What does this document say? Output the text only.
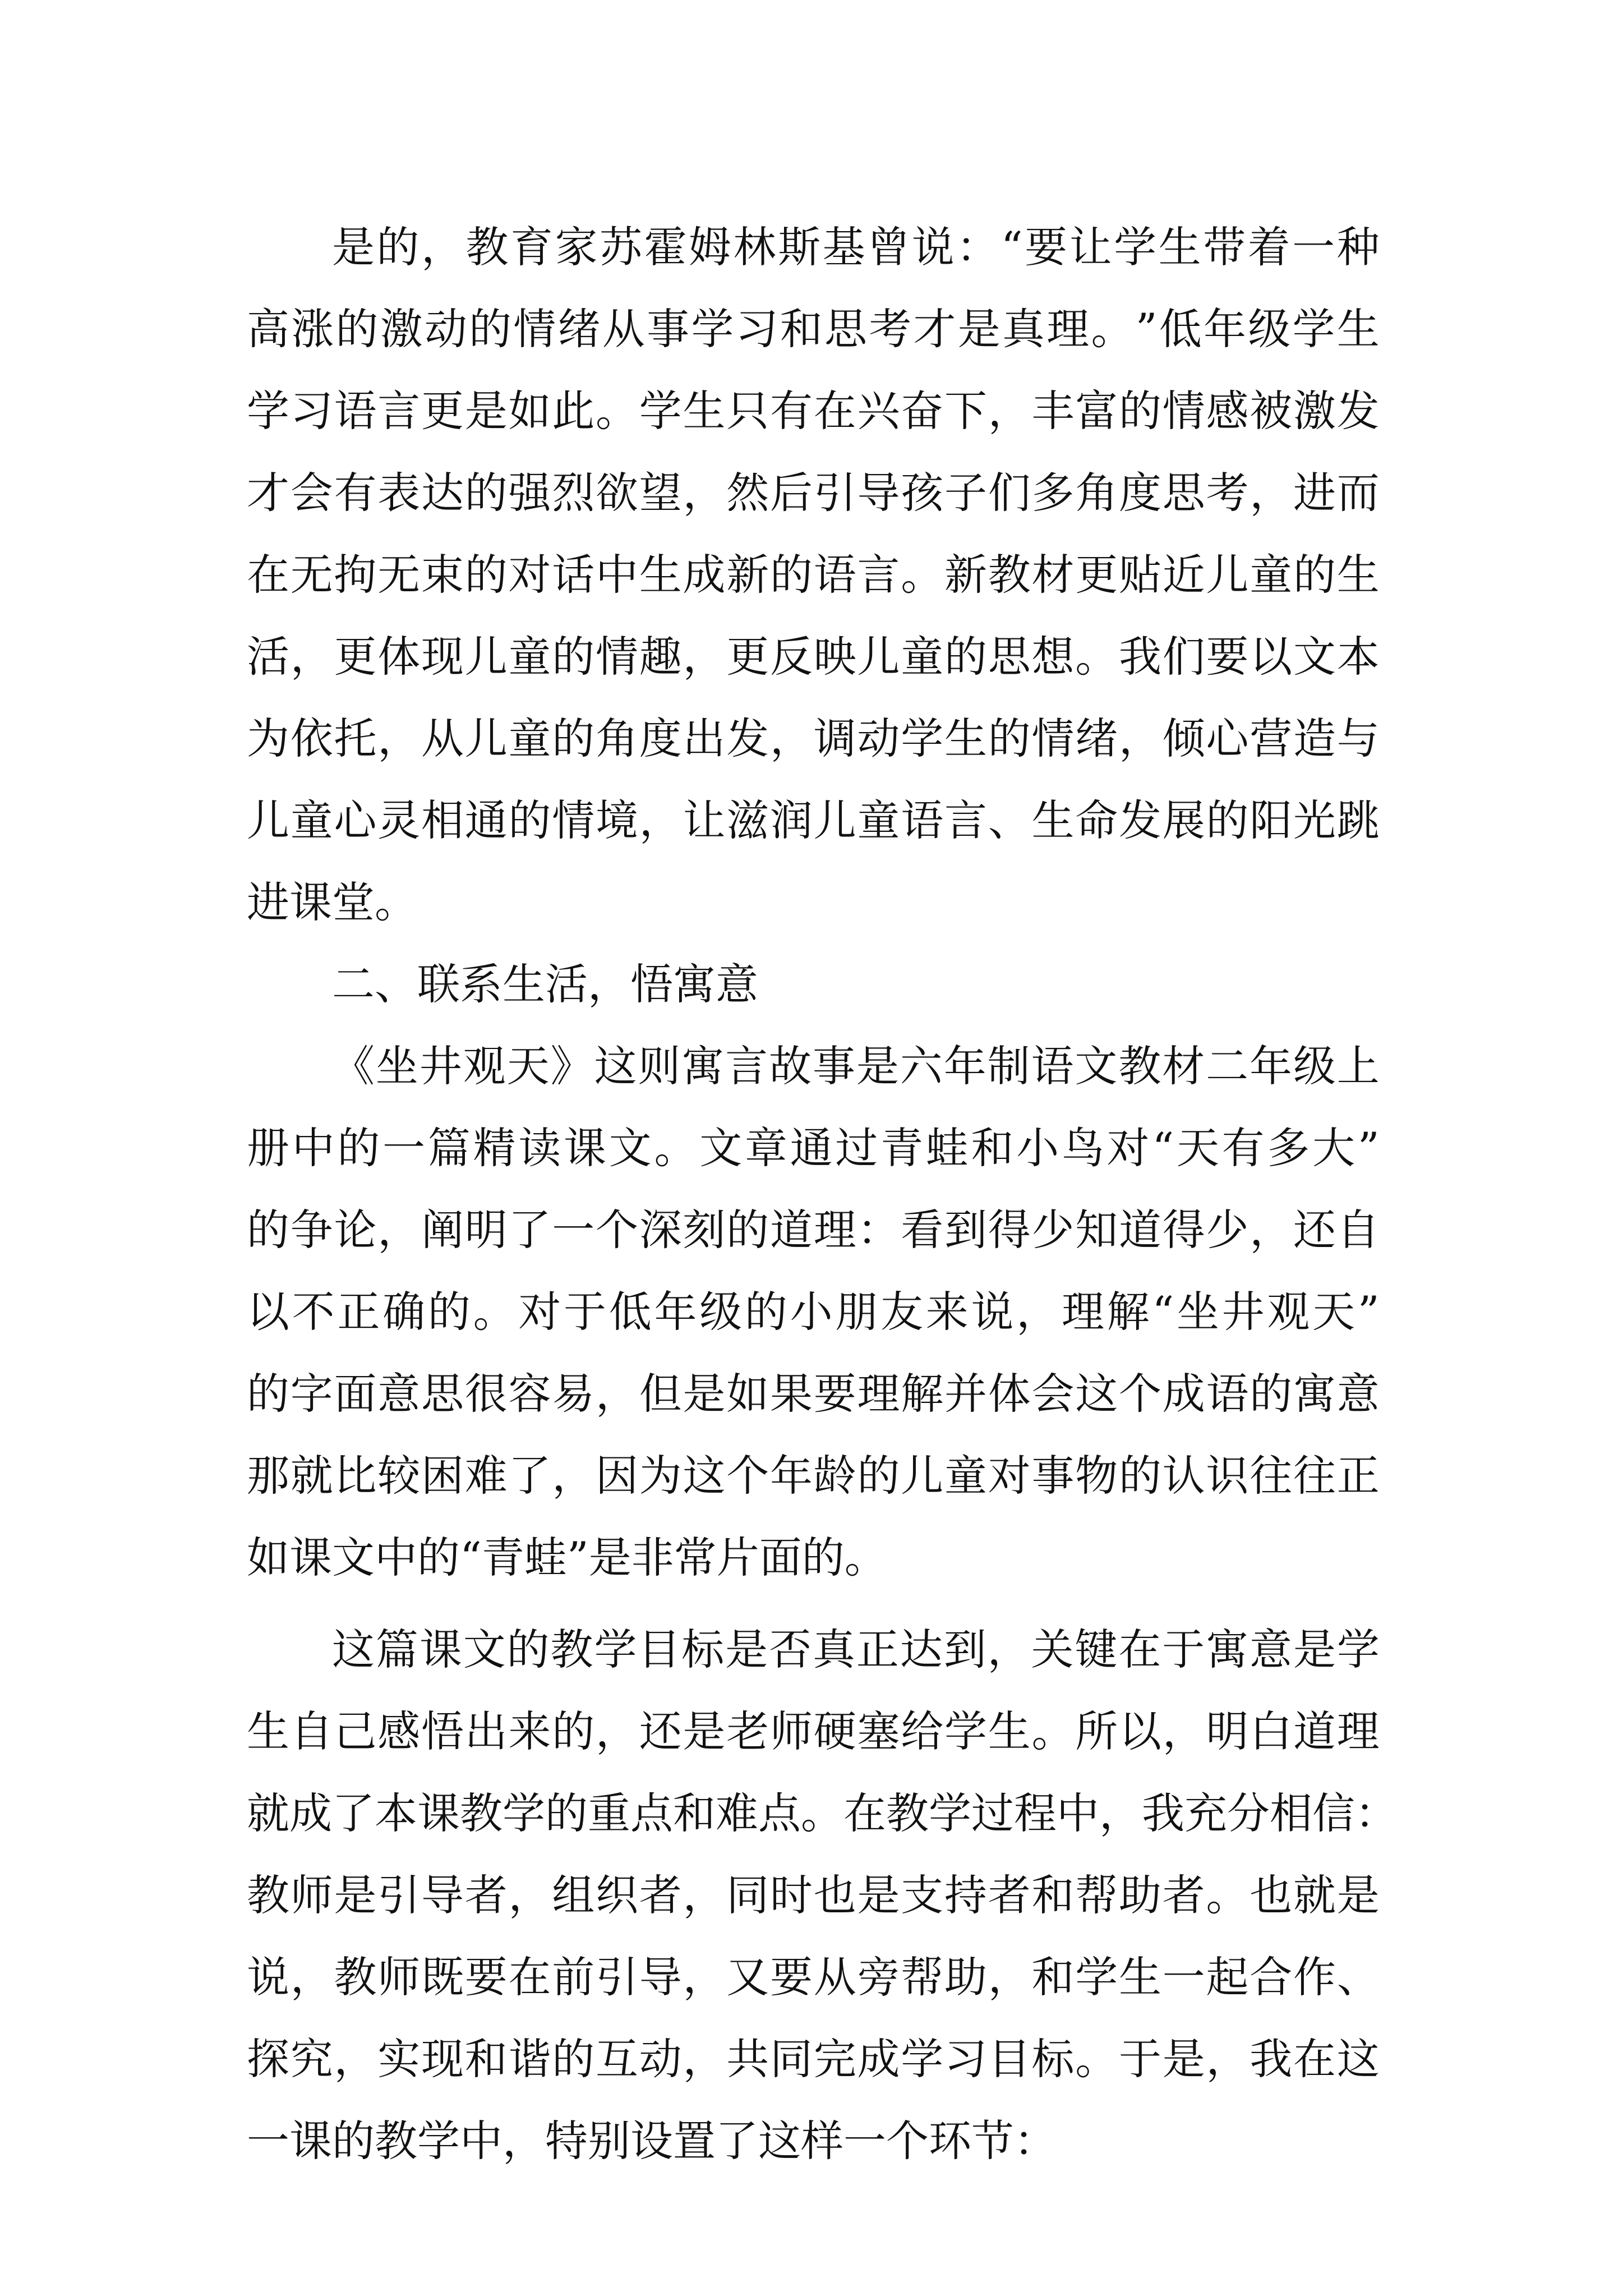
是 的 ， 教 育 家 苏 霍 姆 林 斯 基 曾 说 ： “ 要 让 学 生 带 着 一 种
高 涨 的 激 动 的 情 绪 从 事 学 习 和 思 考 才 是 真 理 。 ” 低 年 级 学 生
学 习 语 言 更 是 如 此 。 学 生 只 有 在 兴 奋 下 ， 丰 富 的 情 感 被 激 发
才 会 有 表 达 的 强 烈 欲 望 ， 然 后 引 导 孩 子 们 多 角 度 思 考 ， 进 而
在 无 拘 无 束 的 对 话 中 生 成 新 的 语 言 。 新 教 材 更 贴 近 儿 童 的 生
活 ， 更 体 现 儿 童 的 情 趣 ， 更 反 映 儿 童 的 思 想 。 我 们 要 以 文 本
为 依 托 ， 从 儿 童 的 角 度 出 发 ， 调 动 学 生 的 情 绪 ， 倾 心 营 造 与
儿 童 心 灵 相 通 的 情 境 ， 让 滋 润 儿 童 语 言 、 生 命 发 展 的 阳 光 跳
进课堂。
二、联系生活，悟寓意
《 坐 井 观 天 》 这 则 寓 言 故 事 是 六 年 制 语 文 教 材 二 年 级 上
册 中 的 一 篇 精 读 课 文 。 文 章 通 过 青 蛙 和 小 鸟 对 “ 天 有 多 大 ”
的 争 论 ， 阐 明 了 一 个 深 刻 的 道 理 ： 看 到 得 少 知 道 得 少 ， 还 自
以 不 正 确 的 。 对 于 低 年 级 的 小 朋 友 来 说 ， 理 解 “ 坐 井 观 天 ”
的 字 面 意 思 很 容 易 ， 但 是 如 果 要 理 解 并 体 会 这 个 成 语 的 寓 意
那 就 比 较 困 难 了 ， 因 为 这 个 年 龄 的 儿 童 对 事 物 的 认 识 往 往 正
如课文中的“青蛙”是非常片面的。
这 篇 课 文 的 教 学 目 标 是 否 真 正 达 到 ， 关 键 在 于 寓 意 是 学
生 自 己 感 悟 出 来 的 ， 还 是 老 师 硬 塞 给 学 生 。 所 以 ， 明 白 道 理
就 成 了 本 课 教 学 的 重 点 和 难 点 。 在 教 学 过 程 中 ， 我 充 分 相 信 ：
教 师 是 引 导 者 ， 组 织 者 ， 同 时 也 是 支 持 者 和 帮 助 者 。 也 就 是
说 ， 教 师 既 要 在 前 引 导 ， 又 要 从 旁 帮 助 ， 和 学 生 一 起 合 作 、
探 究 ， 实 现 和 谐 的 互 动 ， 共 同 完 成 学 习 目 标 。 于 是 ， 我 在 这
一课的教学中，特别设置了这样一个环节：
